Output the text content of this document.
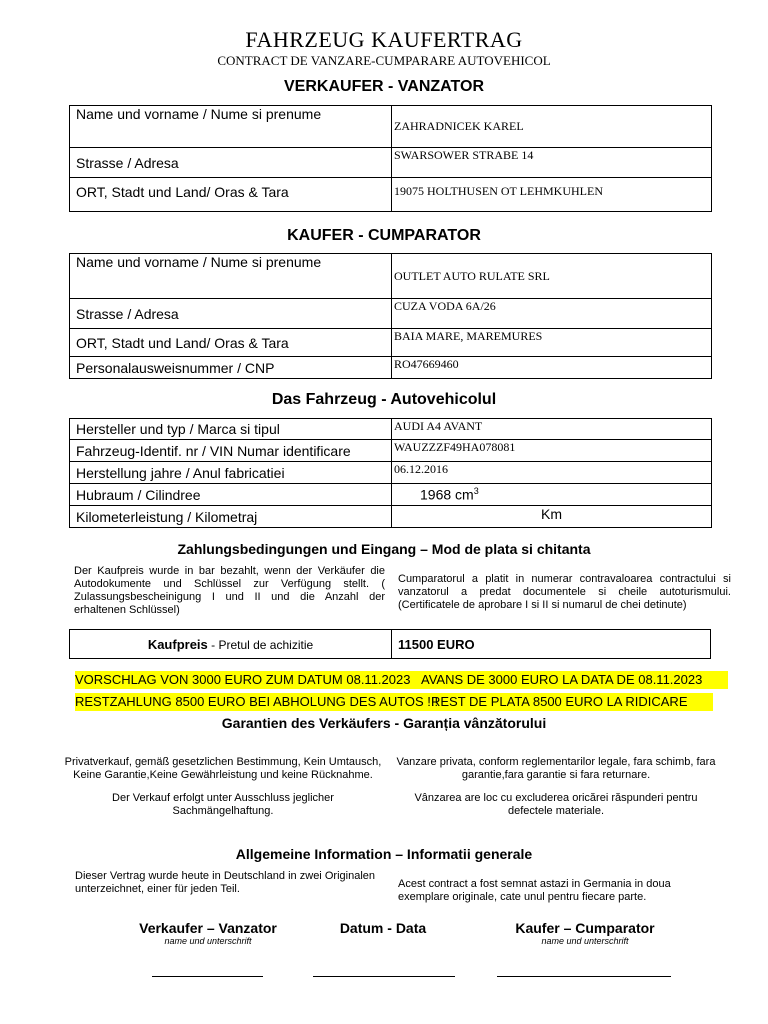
FAHRZEUG KAUFERTRAG
CONTRACT DE VANZARE-CUMPARARE AUTOVEHICOL
VERKAUFER - VANZATOR
Name und vorname / Nume si prenume	ZAHRADNICEK KAREL
Strasse / Adresa	SWARSOWER STRABE 14
ORT, Stadt und Land/ Oras & Tara	19075 HOLTHUSEN OT LEHMKUHLEN
KAUFER - CUMPARATOR
Name und vorname / Nume si prenume	OUTLET AUTO RULATE SRL
Strasse / Adresa	CUZA VODA 6A/26
ORT, Stadt und Land/ Oras & Tara	BAIA MARE, MAREMURES
Personalausweisnummer / CNP	RO47669460
Das Fahrzeug - Autovehicolul
Hersteller und typ / Marca si tipul	AUDI A4 AVANT
Fahrzeug-Identif. nr / VIN Numar identificare	WAUZZZF49HA078081
Herstellung jahre / Anul fabricatiei	06.12.2016
Hubraum / Cilindree	1968 $cm^3$
Kilometerleistung / Kilometraj	Km
Zahlungsbedingungen und Eingang – Mod de plata si chitanta
Der Kaufpreis wurde in bar bezahlt, wenn der Verkäufer die Autodokumente und Schlüssel zur Verfügung stellt. ( Zulassungsbescheinigung I und II und die Anzahl der erhaltenen Schlüssel)
Cumparatorul a platit in numerar contravaloarea contractului si vanzatorul a predat documentele si cheile autoturismului. (Certificatele de aprobare I si II si numarul de chei detinute)
Kaufpreis - Pretul de achizitie	11500 EURO
VORSCHLAG VON 3000 EURO ZUM DATUM 08.11.2023 AVANS DE 3000 EURO LA DATA DE 08.11.2023
RESTZAHLUNG 8500 EURO BEI ABHOLUNG DES AUTOS !!!
REST DE PLATA 8500 EURO LA RIDICARE
Garantien des Verkäufers - Garanția vânzătorului
Privatverkauf, gemäß gesetzlichen Bestimmung, Kein Umtausch, Keine Garantie,Keine Gewährleistung und keine Rücknahme.
Der Verkauf erfolgt unter Ausschluss jeglicher Sachmängelhaftung.
Vanzare privata, conform reglementarilor legale, fara schimb, fara garantie,fara garantie si fara returnare.
Vânzarea are loc cu excluderea oricărei răspunderi pentru defectele materiale.
Allgemeine Information – Informatii generale
Dieser Vertrag wurde heute in Deutschland in zwei Originalen unterzeichnet, einer für jeden Teil.	Acest contract a fost semnat astazi in Germania in doua exemplare originale, cate unul pentru fiecare parte.
Verkaufer – Vanzator
name und unterschrift
Datum - Data	Kaufer – Cumparator
name und unterschrift
